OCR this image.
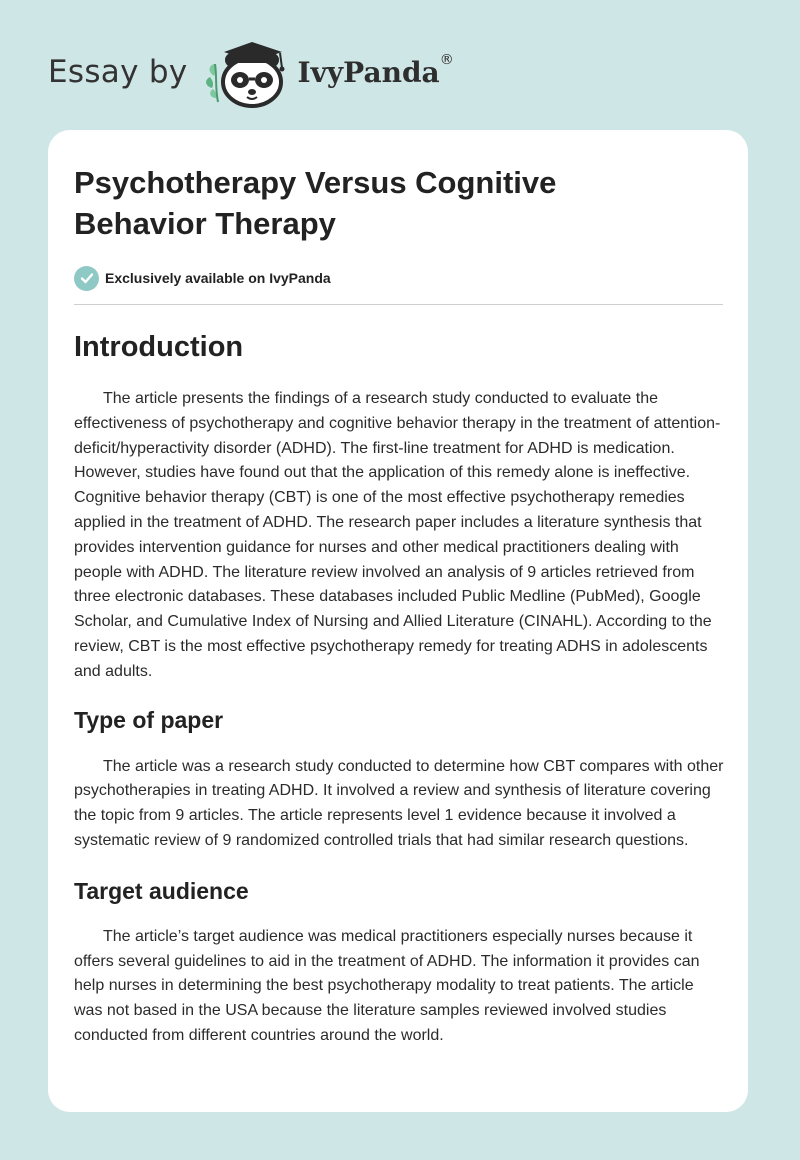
Essay by	IvyPanda®
Psychotherapy Versus Cognitive Behavior Therapy
Exclusively available on IvyPanda
Introduction

The article presents the findings of a research study conducted to evaluate the effectiveness of psychotherapy and cognitive behavior therapy in the treatment of attention-deficit/hyperactivity disorder (ADHD). The first-line treatment for ADHD is medication. However, studies have found out that the application of this remedy alone is ineffective. Cognitive behavior therapy (CBT) is one of the most effective psychotherapy remedies applied in the treatment of ADHD. The research paper includes a literature synthesis that provides intervention guidance for nurses and other medical practitioners dealing with people with ADHD. The literature review involved an analysis of 9 articles retrieved from three electronic databases. These databases included Public Medline (PubMed), Google Scholar, and Cumulative Index of Nursing and Allied Literature (CINAHL). According to the review, CBT is the most effective psychotherapy remedy for treating ADHS in adolescents and adults.

Type of paper

The article was a research study conducted to determine how CBT compares with other psychotherapies in treating ADHD. It involved a review and synthesis of literature covering the topic from 9 articles. The article represents level 1 evidence because it involved a systematic review of 9 randomized controlled trials that had similar research questions.

Target audience

The article’s target audience was medical practitioners especially nurses because it offers several guidelines to aid in the treatment of ADHD. The information it provides can help nurses in determining the best psychotherapy modality to treat patients. The article was not based in the USA because the literature samples reviewed involved studies conducted from different countries around the world.
